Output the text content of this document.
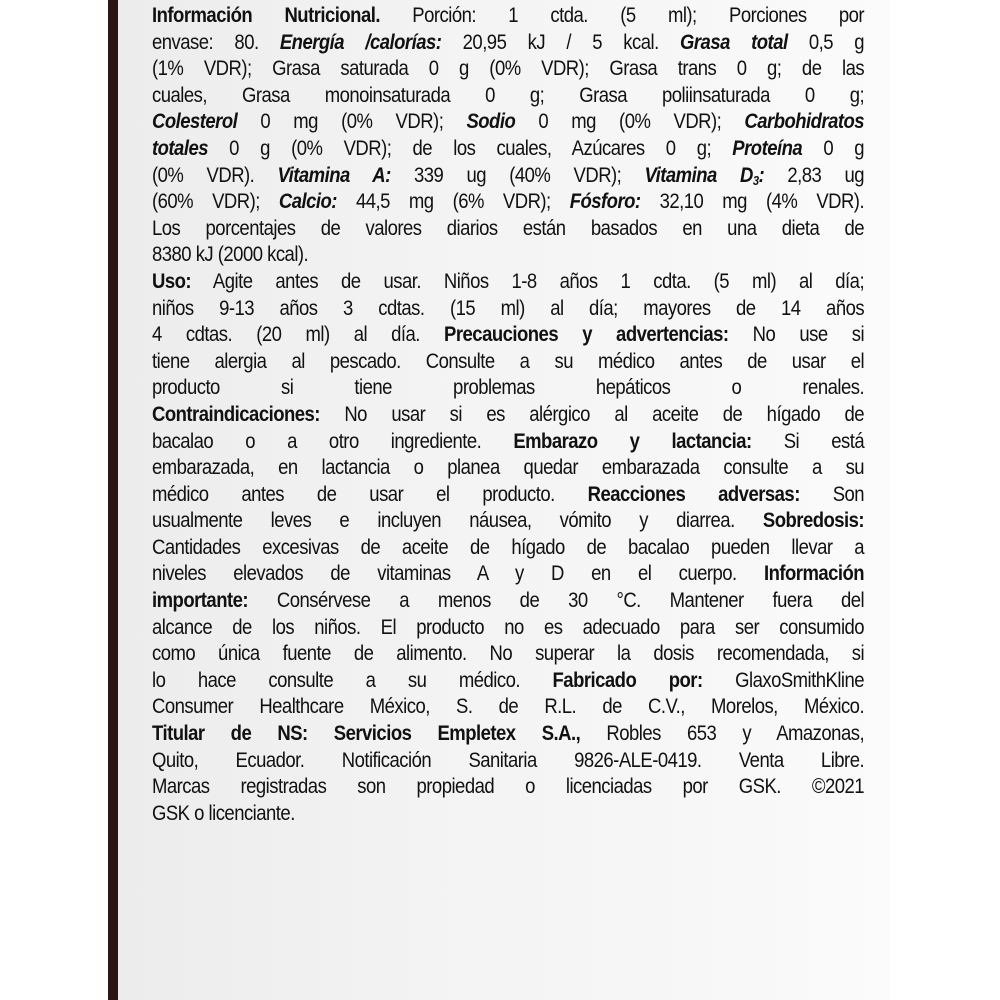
Información Nutricional. Porción: 1 ctda. (5 ml); Porciones por
envase: 80. Energía /calorías: 20,95 kJ / 5 kcal. Grasa total 0,5 g
(1% VDR); Grasa saturada 0 g (0% VDR); Grasa trans 0 g; de las
cuales, Grasa monoinsaturada 0 g; Grasa poliinsaturada 0 g;
Colesterol 0 mg (0% VDR); Sodio 0 mg (0% VDR); Carbohidratos
totales 0 g (0% VDR); de los cuales, Azúcares 0 g; Proteína 0 g
(0% VDR). Vitamina A: 339 ug (40% VDR); Vitamina $D_3$: 2,83 ug
(60% VDR); Calcio: 44,5 mg (6% VDR); Fósforo: 32,10 mg (4% VDR).
Los porcentajes de valores diarios están basados en una dieta de
8380 kJ (2000 kcal).
Uso: Agite antes de usar. Niños 1-8 años 1 cdta. (5 ml) al día;
niños 9-13 años 3 cdtas. (15 ml) al día; mayores de 14 años
4 cdtas. (20 ml) al día. Precauciones y advertencias: No use si
tiene alergia al pescado. Consulte a su médico antes de usar el
producto si tiene problemas hepáticos o renales.
Contraindicaciones: No usar si es alérgico al aceite de hígado de
bacalao o a otro ingrediente. Embarazo y lactancia: Si está
embarazada, en lactancia o planea quedar embarazada consulte a su
médico antes de usar el producto. Reacciones adversas: Son
usualmente leves e incluyen náusea, vómito y diarrea. Sobredosis:
Cantidades excesivas de aceite de hígado de bacalao pueden llevar a
niveles elevados de vitaminas A y D en el cuerpo. Información
importante: Consérvese a menos de 30 °C. Mantener fuera del
alcance de los niños. El producto no es adecuado para ser consumido
como única fuente de alimento. No superar la dosis recomendada, si
lo hace consulte a su médico. Fabricado por: GlaxoSmithKline
Consumer Healthcare México, S. de R.L. de C.V., Morelos, México.
Titular de NS: Servicios Empletex S.A., Robles 653 y Amazonas,
Quito, Ecuador. Notificación Sanitaria 9826-ALE-0419. Venta Libre.
Marcas registradas son propiedad o licenciadas por GSK. ©2021
GSK o licenciante.
